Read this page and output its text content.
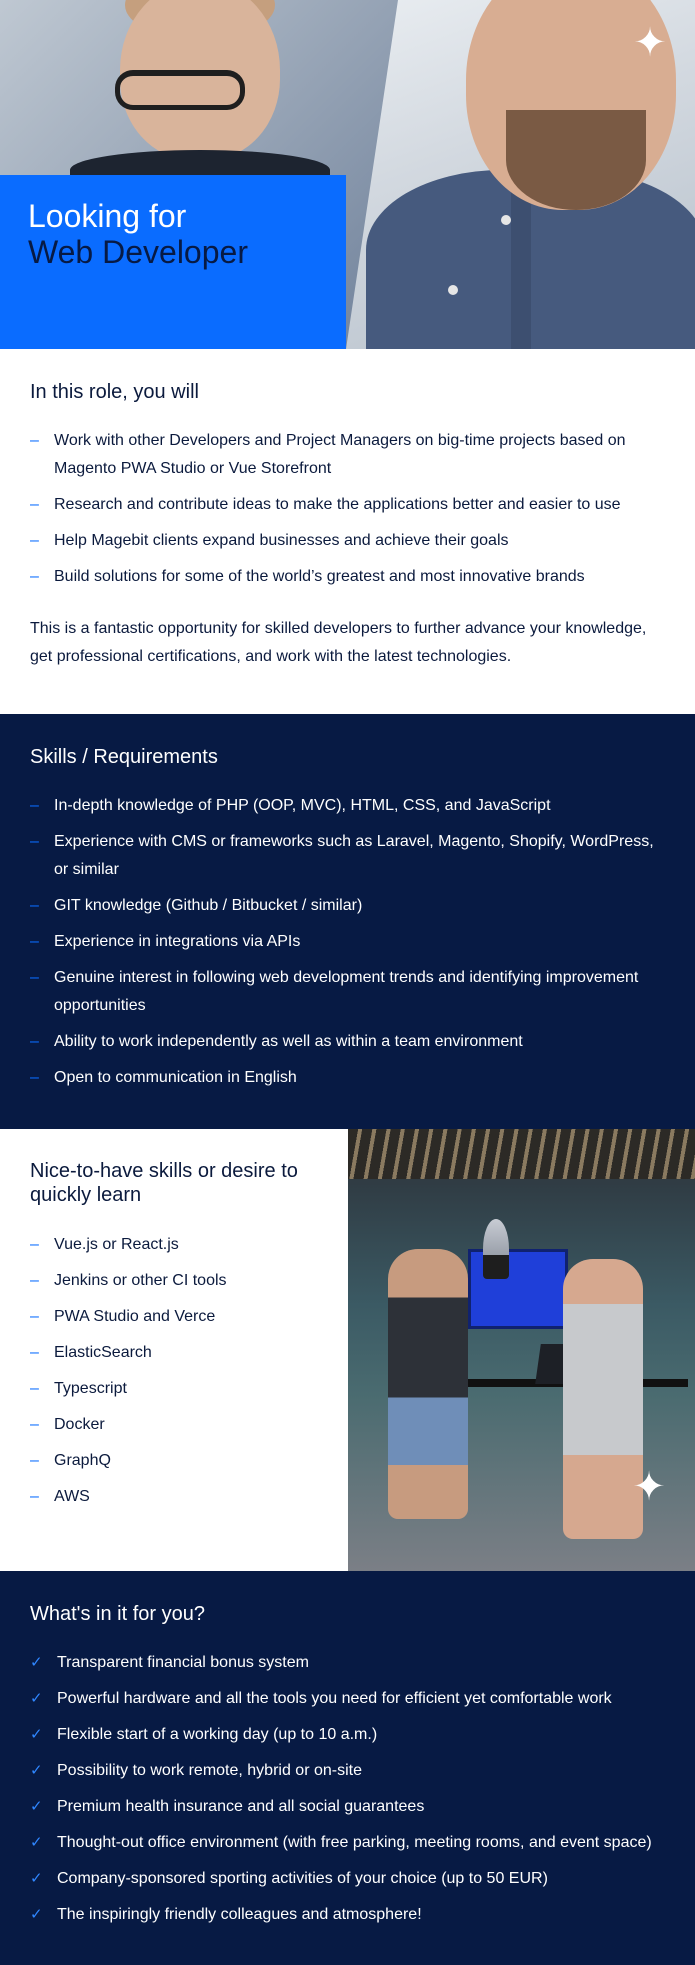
Looking for
Web Developer
✦
In this role, you will
– Work with other Developers and Project Managers on big-time projects based on Magento PWA Studio or Vue Storefront
– Research and contribute ideas to make the applications better and easier to use
– Help Magebit clients expand businesses and achieve their goals
– Build solutions for some of the world’s greatest and most innovative brands

This is a fantastic opportunity for skilled developers to further advance your knowledge, get professional certifications, and work with the latest technologies.

Skills / Requirements
– In-depth knowledge of PHP (OOP, MVC), HTML, CSS, and JavaScript
– Experience with CMS or frameworks such as Laravel, Magento, Shopify, WordPress, or similar
– GIT knowledge (Github / Bitbucket / similar)
– Experience in integrations via APIs
– Genuine interest in following web development trends and identifying improvement opportunities
– Ability to work independently as well as within a team environment
– Open to communication in English
Nice-to-have skills or desire to quickly learn
– Vue.js or React.js
– Jenkins or other CI tools
– PWA Studio and Verce
– ElasticSearch
– Typescript
– Docker
– GraphQ
– AWS	✦
What's in it for you?
✓ Transparent financial bonus system
✓ Powerful hardware and all the tools you need for efficient yet comfortable work
✓ Flexible start of a working day (up to 10 a.m.)
✓ Possibility to work remote, hybrid or on-site
✓ Premium health insurance and all social guarantees
✓ Thought-out office environment (with free parking, meeting rooms, and event space)
✓ Company-sponsored sporting activities of your choice (up to 50 EUR)
✓ The inspiringly friendly colleagues and atmosphere!
